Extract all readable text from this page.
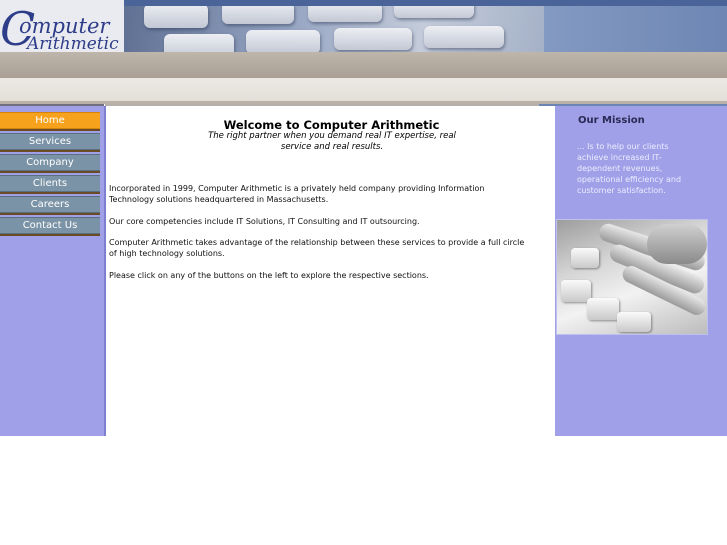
C
omputer
Arithmetic
Home
Services
Company
Clients
Careers
Contact Us
Welcome to Computer Arithmetic
The right partner when you demand real IT expertise, real service and real results.

Incorporated in 1999, Computer Arithmetic is a privately held company providing Information Technology solutions headquartered in Massachusetts.

Our core competencies include IT Solutions, IT Consulting and IT outsourcing.

Computer Arithmetic takes advantage of the relationship between these services to provide a full circle of high technology solutions.

Please click on any of the buttons on the left to explore the respective sections.

Our Mission
... Is to help our clients achieve increased IT-dependent revenues, operational efficiency and customer satisfaction.
